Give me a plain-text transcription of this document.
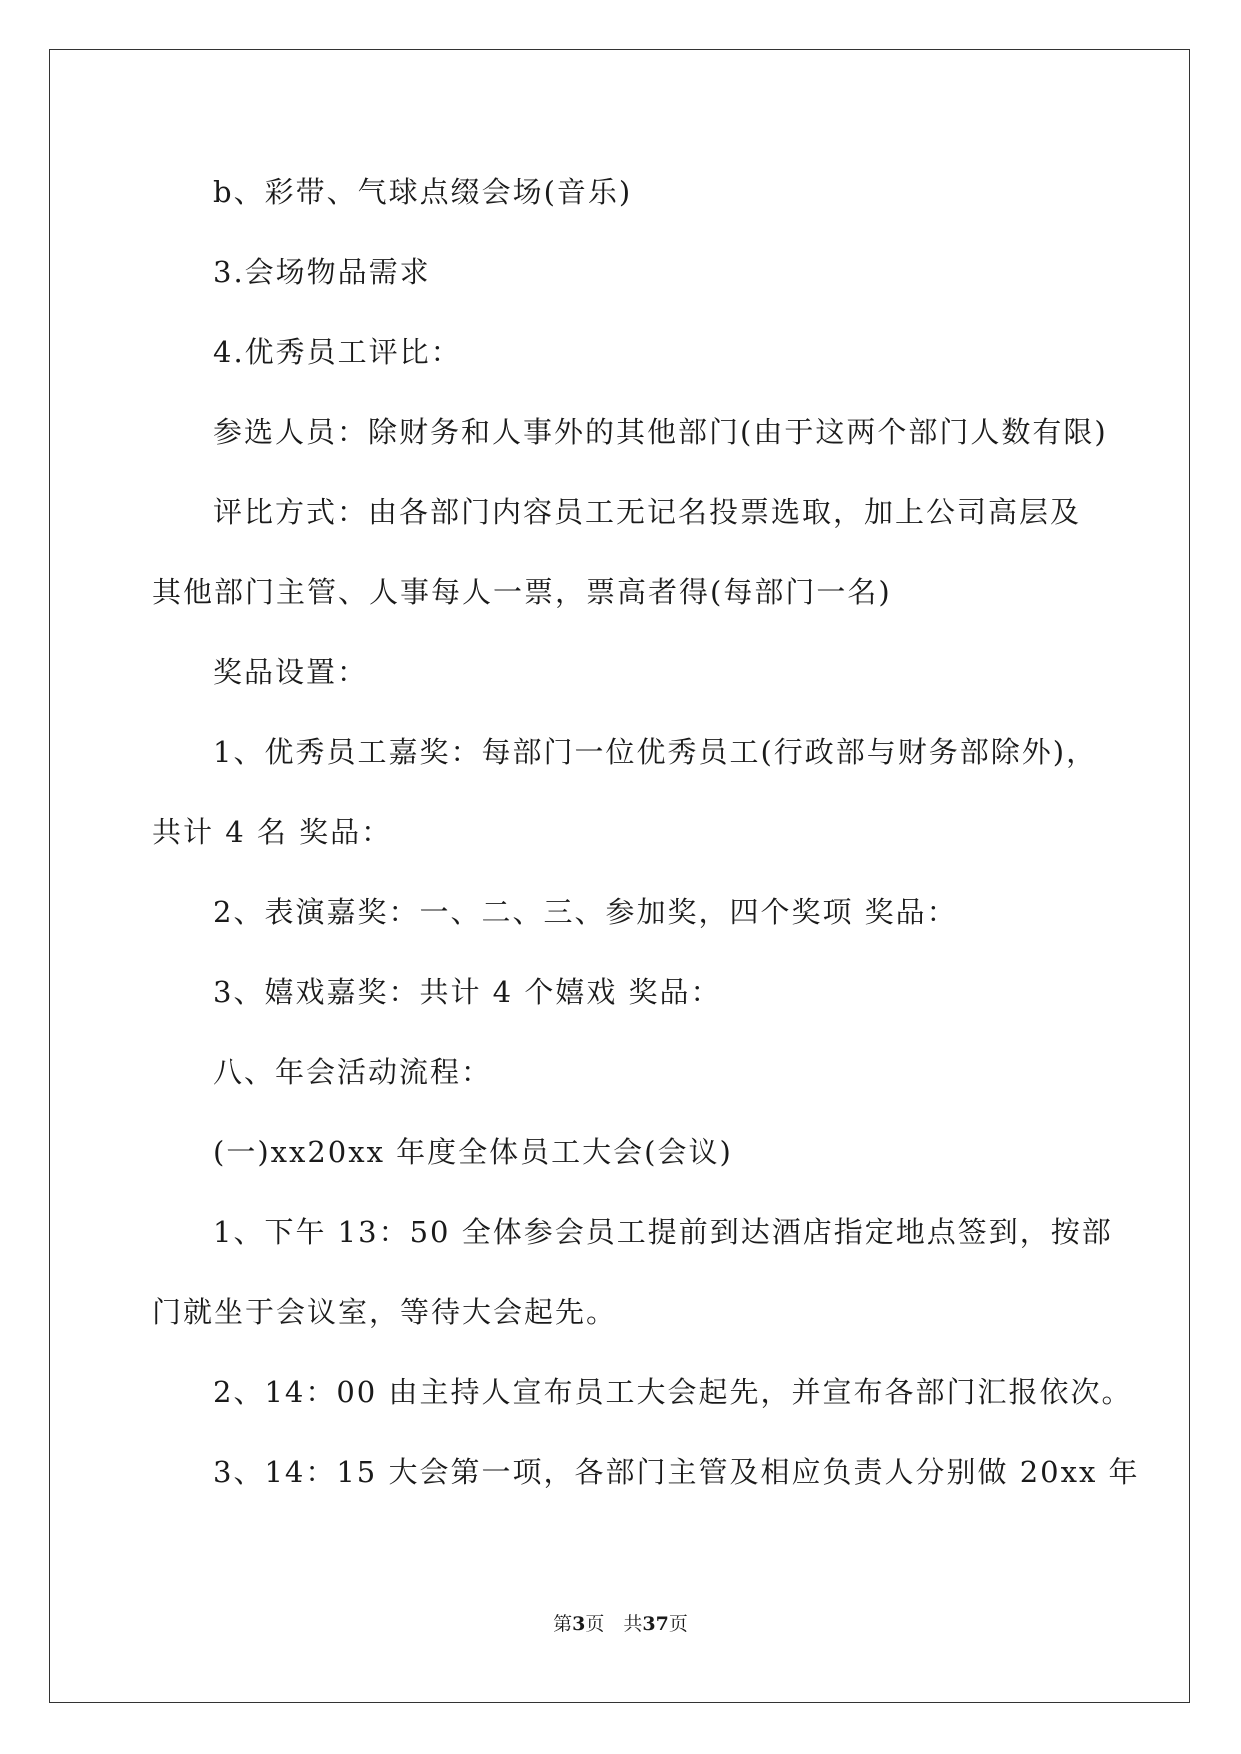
b、彩带、气球点缀会场(音乐)
3.会场物品需求
4.优秀员工评比：
参选人员：除财务和人事外的其他部门(由于这两个部门人数有限)
评比方式：由各部门内容员工无记名投票选取，加上公司高层及
其他部门主管、人事每人一票，票高者得(每部门一名)
奖品设置：
1、优秀员工嘉奖：每部门一位优秀员工(行政部与财务部除外)，
共计 4 名 奖品：
2、表演嘉奖：一、二、三、参加奖，四个奖项 奖品：
3、嬉戏嘉奖：共计 4 个嬉戏 奖品：
八、年会活动流程：
(一)xx20xx 年度全体员工大会(会议)
1、下午 13：50 全体参会员工提前到达酒店指定地点签到，按部
门就坐于会议室，等待大会起先。
2、14：00 由主持人宣布员工大会起先，并宣布各部门汇报依次。
3、14：15 大会第一项，各部门主管及相应负责人分别做 20xx 年
第3页　共37页
